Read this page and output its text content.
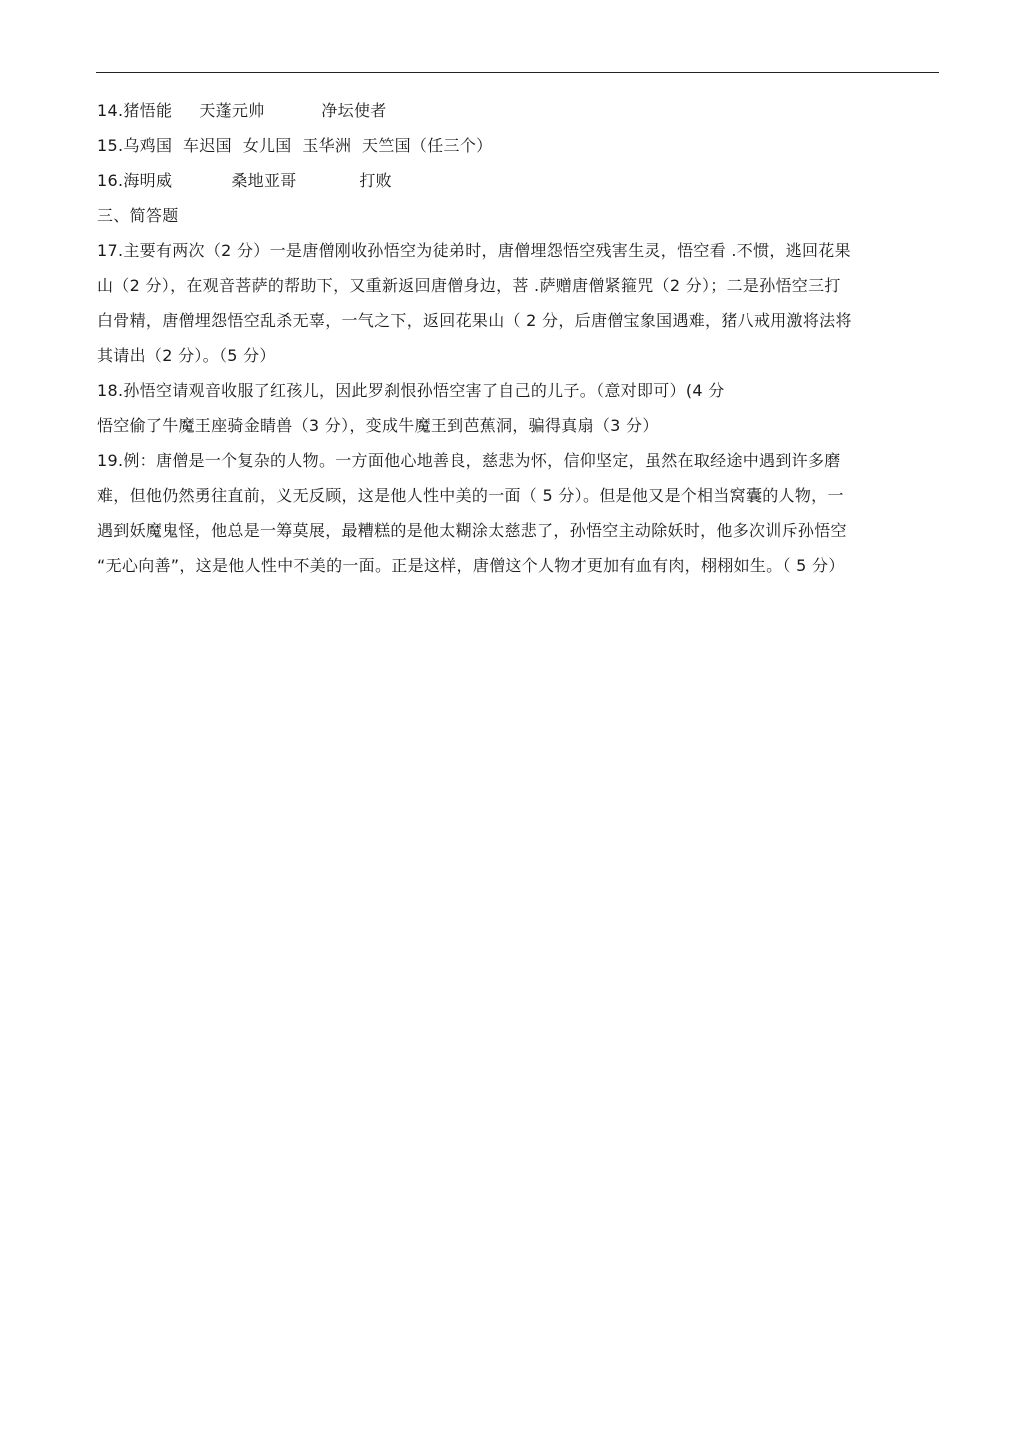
14. 猪悟能	天蓬元帅	净坛使者
15.乌鸡国  车迟国  女儿国  玉华洲  天竺国（任三个）
16. 海明威	桑地亚哥	打败
三、简答题
17.主要有两次（2 分）一是唐僧刚收孙悟空为徒弟时，唐僧埋怨悟空残害生灵，悟空看 .不惯，逃回花果
山（2 分），在观音菩萨的帮助下，又重新返回唐僧身边，菩 .萨赠唐僧紧箍咒（2 分）；二是孙悟空三打
白骨精，唐僧埋怨悟空乱杀无辜，一气之下，返回花果山（ 2 分，后唐僧宝象国遇难，猪八戒用激将法将
其请出（2 分）。（5 分）
18.孙悟空请观音收服了红孩儿，因此罗刹恨孙悟空害了自己的儿子。（意对即可）(4 分
悟空偷了牛魔王座骑金睛兽（3 分），变成牛魔王到芭蕉洞，骗得真扇（3 分）
19.例：唐僧是一个复杂的人物。一方面他心地善良，慈悲为怀，信仰坚定，虽然在取经途中遇到许多磨
难，但他仍然勇往直前，义无反顾，这是他人性中美的一面（ 5 分）。但是他又是个相当窝囊的人物，一
遇到妖魔鬼怪，他总是一筹莫展，最糟糕的是他太糊涂太慈悲了，孙悟空主动除妖时，他多次训斥孙悟空
“无心向善”，这是他人性中不美的一面。正是这样，唐僧这个人物才更加有血有肉，栩栩如生。（ 5 分）
